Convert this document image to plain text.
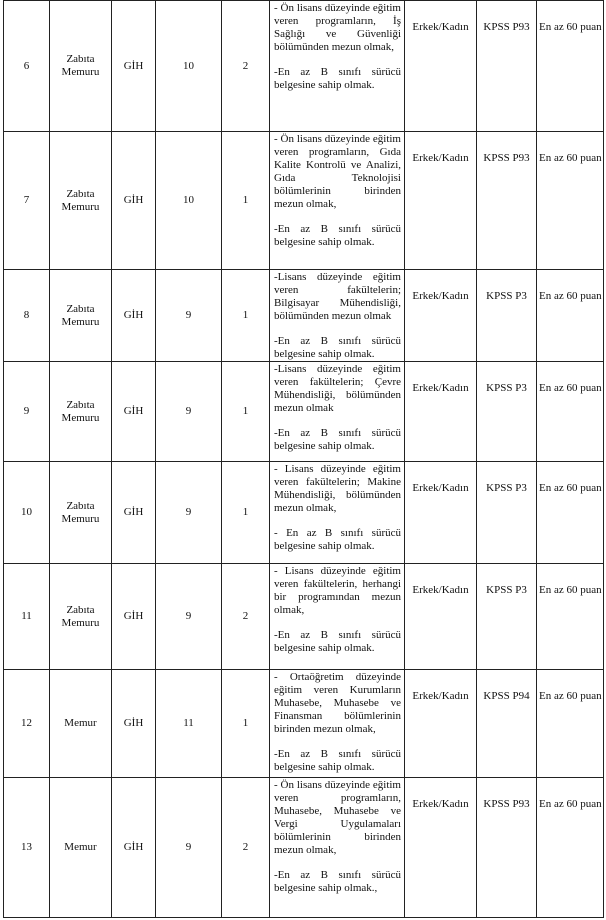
6	Zabıta Memuru	GİH	10	2	- Ön lisans düzeyinde eğitim veren programların, İş Sağlığı ve Güvenliği bölümünden mezun olmak,
-En az B sınıfı sürücü belgesine sahip olmak.	Erkek/Kadın	KPSS P93	En az 60 puan

7	Zabıta Memuru	GİH	10	1	- Ön lisans düzeyinde eğitim veren programların, Gıda Kalite Kontrolü ve Analizi, Gıda Teknolojisi bölümlerinin birinden mezun olmak,
-En az B sınıfı sürücü belgesine sahip olmak.	Erkek/Kadın	KPSS P93	En az 60 puan

8	Zabıta Memuru	GİH	9	1	-Lisans düzeyinde eğitim veren fakültelerin; Bilgisayar Mühendisliği, bölümünden mezun olmak
-En az B sınıfı sürücü belgesine sahip olmak.	Erkek/Kadın	KPSS P3	En az 60 puan

9	Zabıta Memuru	GİH	9	1	-Lisans düzeyinde eğitim veren fakültelerin; Çevre Mühendisliği, bölümünden mezun olmak
-En az B sınıfı sürücü belgesine sahip olmak.	Erkek/Kadın	KPSS P3	En az 60 puan

10	Zabıta Memuru	GİH	9	1	- Lisans düzeyinde eğitim veren fakültelerin; Makine Mühendisliği, bölümünden mezun olmak,
- En az B sınıfı sürücü belgesine sahip olmak.	Erkek/Kadın	KPSS P3	En az 60 puan

11	Zabıta Memuru	GİH	9	2	- Lisans düzeyinde eğitim veren fakültelerin, herhangi bir programından mezun olmak,
-En az B sınıfı sürücü belgesine sahip olmak.	Erkek/Kadın	KPSS P3	En az 60 puan

12	Memur	GİH	11	1	- Ortaöğretim düzeyinde eğitim veren Kurumların Muhasebe, Muhasebe ve Finansman bölümlerinin birinden mezun olmak,
-En az B sınıfı sürücü belgesine sahip olmak.	Erkek/Kadın	KPSS P94	En az 60 puan

13	Memur	GİH	9	2	- Ön lisans düzeyinde eğitim veren programların, Muhasebe, Muhasebe ve Vergi Uygulamaları bölümlerinin birinden mezun olmak,
-En az B sınıfı sürücü belgesine sahip olmak.,	Erkek/Kadın	KPSS P93	En az 60 puan
